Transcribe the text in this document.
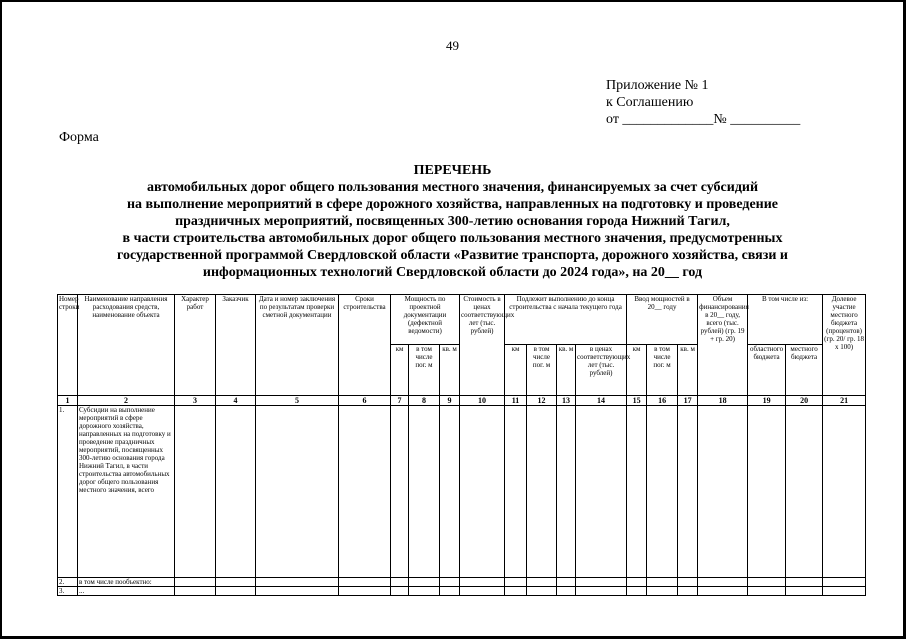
49
Приложение № 1
к Соглашению
от _____________№ __________
Форма
ПЕРЕЧЕНЬ
автомобильных дорог общего пользования местного значения, финансируемых за счет субсидий
на выполнение мероприятий в сфере дорожного хозяйства, направленных на подготовку и проведение
праздничных мероприятий, посвященных 300-летию основания города Нижний Тагил,
в части строительства автомобильных дорог общего пользования местного значения, предусмотренных
государственной программой Свердловской области «Развитие транспорта, дорожного хозяйства, связи и
информационных технологий Свердловской области до 2024 года», на 20__ год
Номер строки	Наименование направления расходования средств, наименование объекта	Характер работ	Заказчик	Дата и номер заключения по результатам проверки сметной документации	Сроки строительства	Мощность по проектной документации (дефектной ведомости)			Стоимость в ценах соответствующих лет (тыс. рублей)	Подлежит выполнению до конца строительства с начала текущего года				Ввод мощностей в 20__ году			Объем финансирования в 20__ году, всего (тыс. рублей) (гр. 19 + гр. 20)	В том числе из:		Долевое участие местного бюджета (процентов) (гр. 20/ гр. 18 х 100)
						км	в том числе пог. м	кв. м		км	в том числе пог. м	кв. м	в ценах соответствующих лет (тыс. рублей)	км	в том числе пог. м	кв. м		областного бюджета	местного бюджета	
1	2	3	4	5	6	7	8	9	10	11	12	13	14	15	16	17	18	19	20	21
1.	Субсидии на выполнение мероприятий в сфере дорожного хозяйства, направленных на подготовку и проведение праздничных мероприятий, посвященных 300-летию основания города Нижний Тагил, в части строительства автомобильных дорог общего пользования местного значения, всего																			
2.	в том числе пообъектно:																			
3.	...																			
